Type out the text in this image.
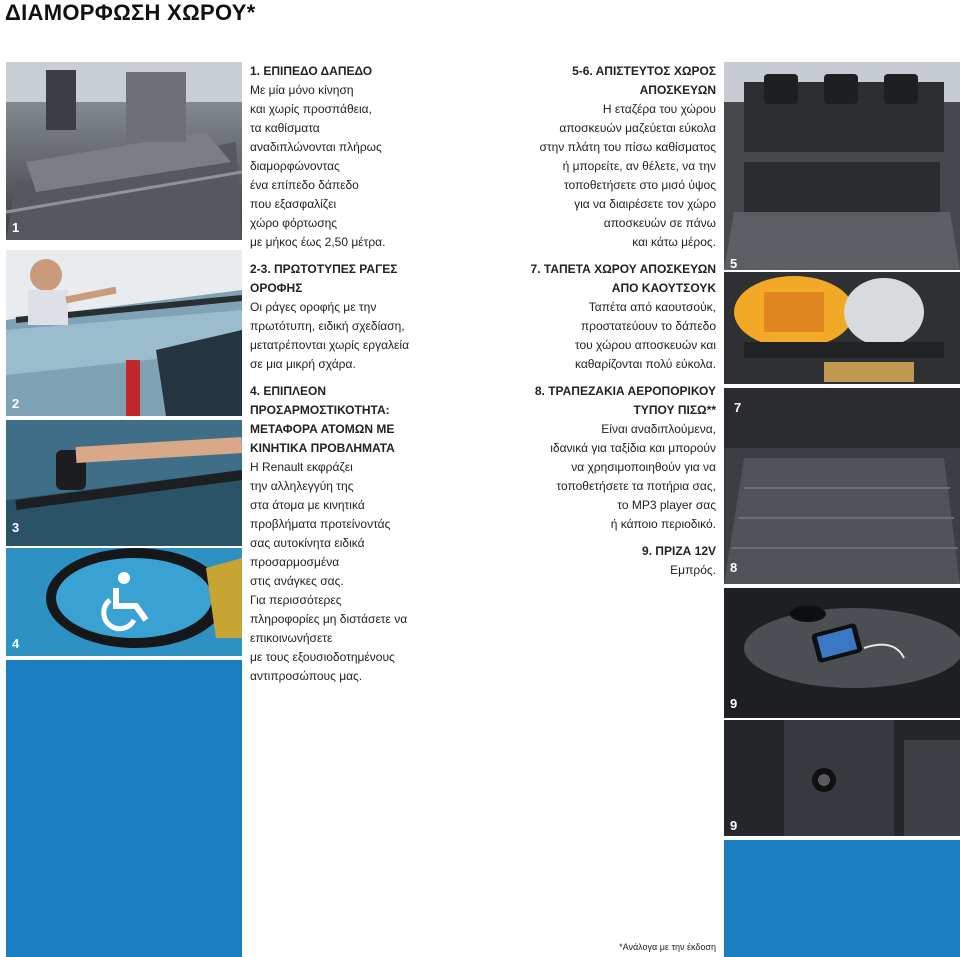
ΔΙΑΜΟΡΦΩΣΗ ΧΩΡΟΥ*
1
2
3
4
5
7
8
9
9
1. ΕΠΙΠΕΔΟ ΔΑΠΕΔΟ

Με μία μόνο κίνηση
και χωρίς προσπάθεια,
τα καθίσματα
αναδιπλώνονται πλήρως
διαμορφώνοντας
ένα επίπεδο δάπεδο
που εξασφαλίζει
χώρο φόρτωσης
με μήκος έως 2,50 μέτρα.

2-3. ΠΡΩΤΟΤΥΠΕΣ ΡΑΓΕΣ
ΟΡΟΦΗΣ

Οι ράγες οροφής με την
πρωτότυπη, ειδική σχεδίαση,
μετατρέπονται χωρίς εργαλεία
σε μια μικρή σχάρα.

4. ΕΠΙΠΛΕΟΝ
ΠΡΟΣΑΡΜΟΣΤΙΚΟΤΗΤΑ:
ΜΕΤΑΦΟΡΑ ΑΤΟΜΩΝ ΜΕ
ΚΙΝΗΤΙΚΑ ΠΡΟΒΛΗΜΑΤΑ

Η Renault εκφράζει
την αλληλεγγύη της
στα άτομα με κινητικά
προβλήματα προτείνοντάς
σας αυτοκίνητα ειδικά
προσαρμοσμένα
στις ανάγκες σας.
Για περισσότερες
πληροφορίες μη διστάσετε να
επικοινωνήσετε
με τους εξουσιοδοτημένους
αντιπροσώπους μας.

5-6. ΑΠΙΣΤΕΥΤΟΣ ΧΩΡΟΣ
ΑΠΟΣΚΕΥΩΝ

Η εταζέρα του χώρου
αποσκευών μαζεύεται εύκολα
στην πλάτη του πίσω καθίσματος
ή μπορείτε, αν θέλετε, να την
τοποθετήσετε στο μισό ύψος
για να διαιρέσετε τον χώρο
αποσκευών σε πάνω
και κάτω μέρος.

7. ΤΑΠΕΤΑ ΧΩΡΟΥ ΑΠΟΣΚΕΥΩΝ
ΑΠΟ ΚΑΟΥΤΣΟΥΚ

Ταπέτα από καουτσούκ,
προστατεύουν το δάπεδο
του χώρου αποσκευών και
καθαρίζονται πολύ εύκολα.

8. ΤΡΑΠΕΖΑΚΙΑ ΑΕΡΟΠΟΡΙΚΟΥ
ΤΥΠΟΥ ΠΙΣΩ**

Είναι αναδιπλούμενα,
ιδανικά για ταξίδια και μπορούν
να χρησιμοποιηθούν για να
τοποθετήσετε τα ποτήρια σας,
το MP3 player σας
ή κάποιο περιοδικό.

9. ΠΡΙΖΑ 12V

Εμπρός.

*Ανάλογα με την έκδοση
